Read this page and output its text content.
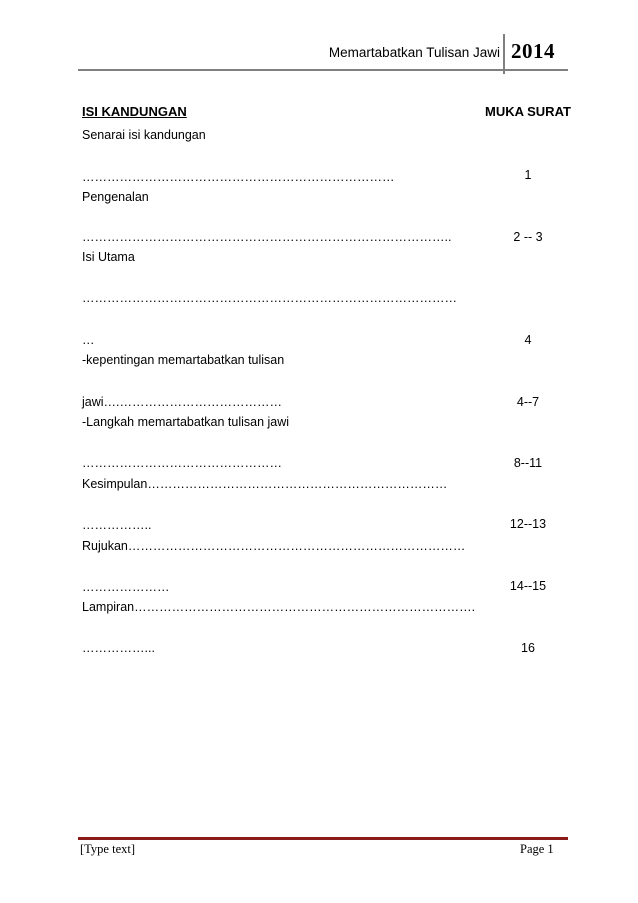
Memartabatkan Tulisan Jawi 2014
ISI KANDUNGAN	MUKA SURAT
Senarai isi kandungan
…………………………………………………………………	1
Pengenalan
……………………………………………………………………………..	2 -- 3
Isi Utama
………………………………………………………………………………
…	4
-kepentingan memartabatkan tulisan
jawi….…………………………………	4--7
-Langkah memartabatkan tulisan jawi
…………………………………………	8--11
Kesimpulan………………………………………………………………
……………..	12--13
Rujukan………………………………………………………………………
…………………	14--15
Lampiran……………………………………………………………………….
……………...	16
[Type text]	Page 1
